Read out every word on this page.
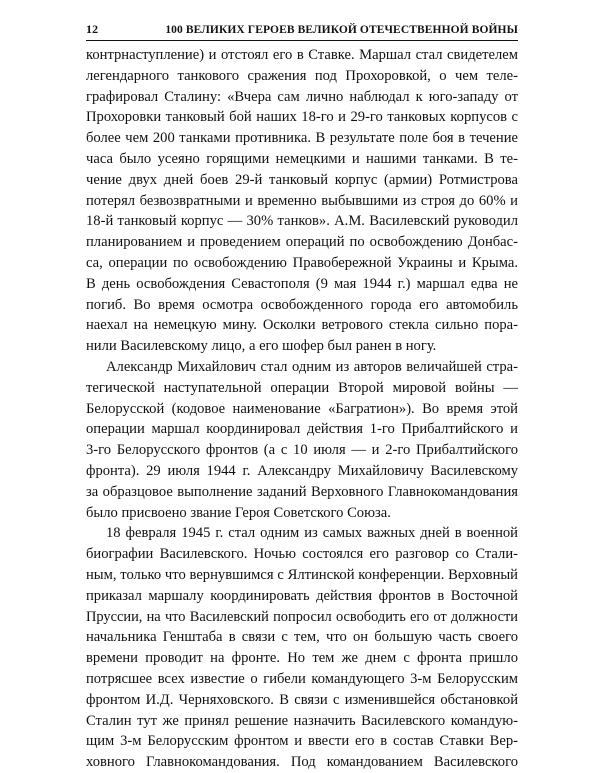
12	100 ВЕЛИКИХ ГЕРОЕВ ВЕЛИКОЙ ОТЕЧЕСТВЕННОЙ ВОЙНЫ
контрнаступление) и отстоял его в Ставке. Маршал стал свидетелем
легендарного танкового сражения под Прохоровкой, о чем теле-
графировал Сталину: «Вчера сам лично наблюдал к юго-западу от
Прохоровки танковый бой наших 18-го и 29-го танковых корпусов с
более чем 200 танками противника. В результате поле боя в течение
часа было усеяно горящими немецкими и нашими танками. В те-
чение двух дней боев 29-й танковый корпус (армии) Ротмистрова
потерял безвозвратными и временно выбывшими из строя до 60% и
18-й танковый корпус — 30% танков». А.М. Василевский руководил
планированием и проведением операций по освобождению Донбас-
са, операции по освобождению Правобережной Украины и Крыма.
В день освобождения Севастополя (9 мая 1944 г.) маршал едва не
погиб. Во время осмотра освобожденного города его автомобиль
наехал на немецкую мину. Осколки ветрового стекла сильно пора-
нили Василевскому лицо, а его шофер был ранен в ногу.
Александр Михайлович стал одним из авторов величайшей стра-
тегической наступательной операции Второй мировой войны —
Белорусской (кодовое наименование «Багратион»). Во время этой
операции маршал координировал действия 1-го Прибалтийского и
3-го Белорусского фронтов (а с 10 июля — и 2-го Прибалтийского
фронта). 29 июля 1944 г. Александру Михайловичу Василевскому
за образцовое выполнение заданий Верховного Главнокомандования
было присвоено звание Героя Советского Союза.
18 февраля 1945 г. стал одним из самых важных дней в военной
биографии Василевского. Ночью состоялся его разговор со Стали-
ным, только что вернувшимся с Ялтинской конференции. Верховный
приказал маршалу координировать действия фронтов в Восточной
Пруссии, на что Василевский попросил освободить его от должности
начальника Генштаба в связи с тем, что он большую часть своего
времени проводит на фронте. Но тем же днем с фронта пришло
потрясшее всех известие о гибели командующего 3-м Белорусским
фронтом И.Д. Черняховского. В связи с изменившейся обстановкой
Сталин тут же принял решение назначить Василевского командую-
щим 3-м Белорусским фронтом и ввести его в состав Ставки Вер-
ховного Главнокомандования. Под командованием Василевского
